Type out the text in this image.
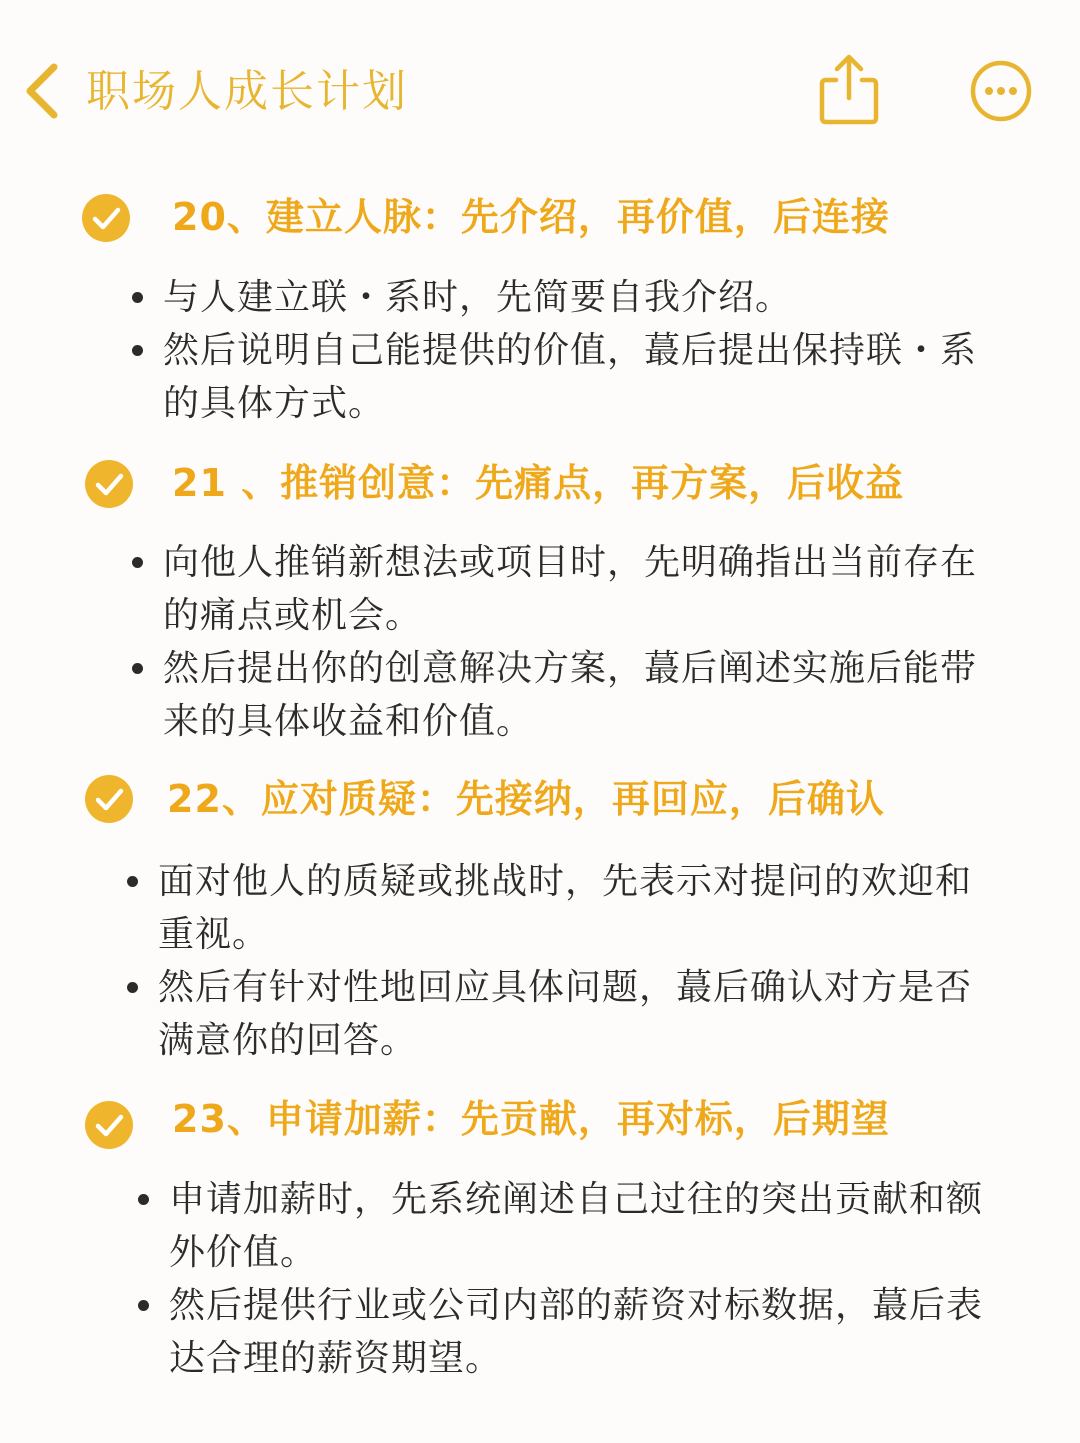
职场人成长计划
20、建立人脉：先介绍，再价值，后连接
与人建立联・系时，先简要自我介绍。
然后说明自己能提供的价值，蕞后提出保持联・系的具体方式。
21 、推销创意：先痛点，再方案，后收益
向他人推销新想法或项目时，先明确指出当前存在的痛点或机会。
然后提出你的创意解决方案，蕞后阐述实施后能带来的具体收益和价值。
22、应对质疑：先接纳，再回应，后确认
面对他人的质疑或挑战时，先表示对提问的欢迎和重视。
然后有针对性地回应具体问题，蕞后确认对方是否满意你的回答。
23、申请加薪：先贡献，再对标，后期望
申请加薪时，先系统阐述自己过往的突出贡献和额外价值。
然后提供行业或公司内部的薪资对标数据，蕞后表达合理的薪资期望。
